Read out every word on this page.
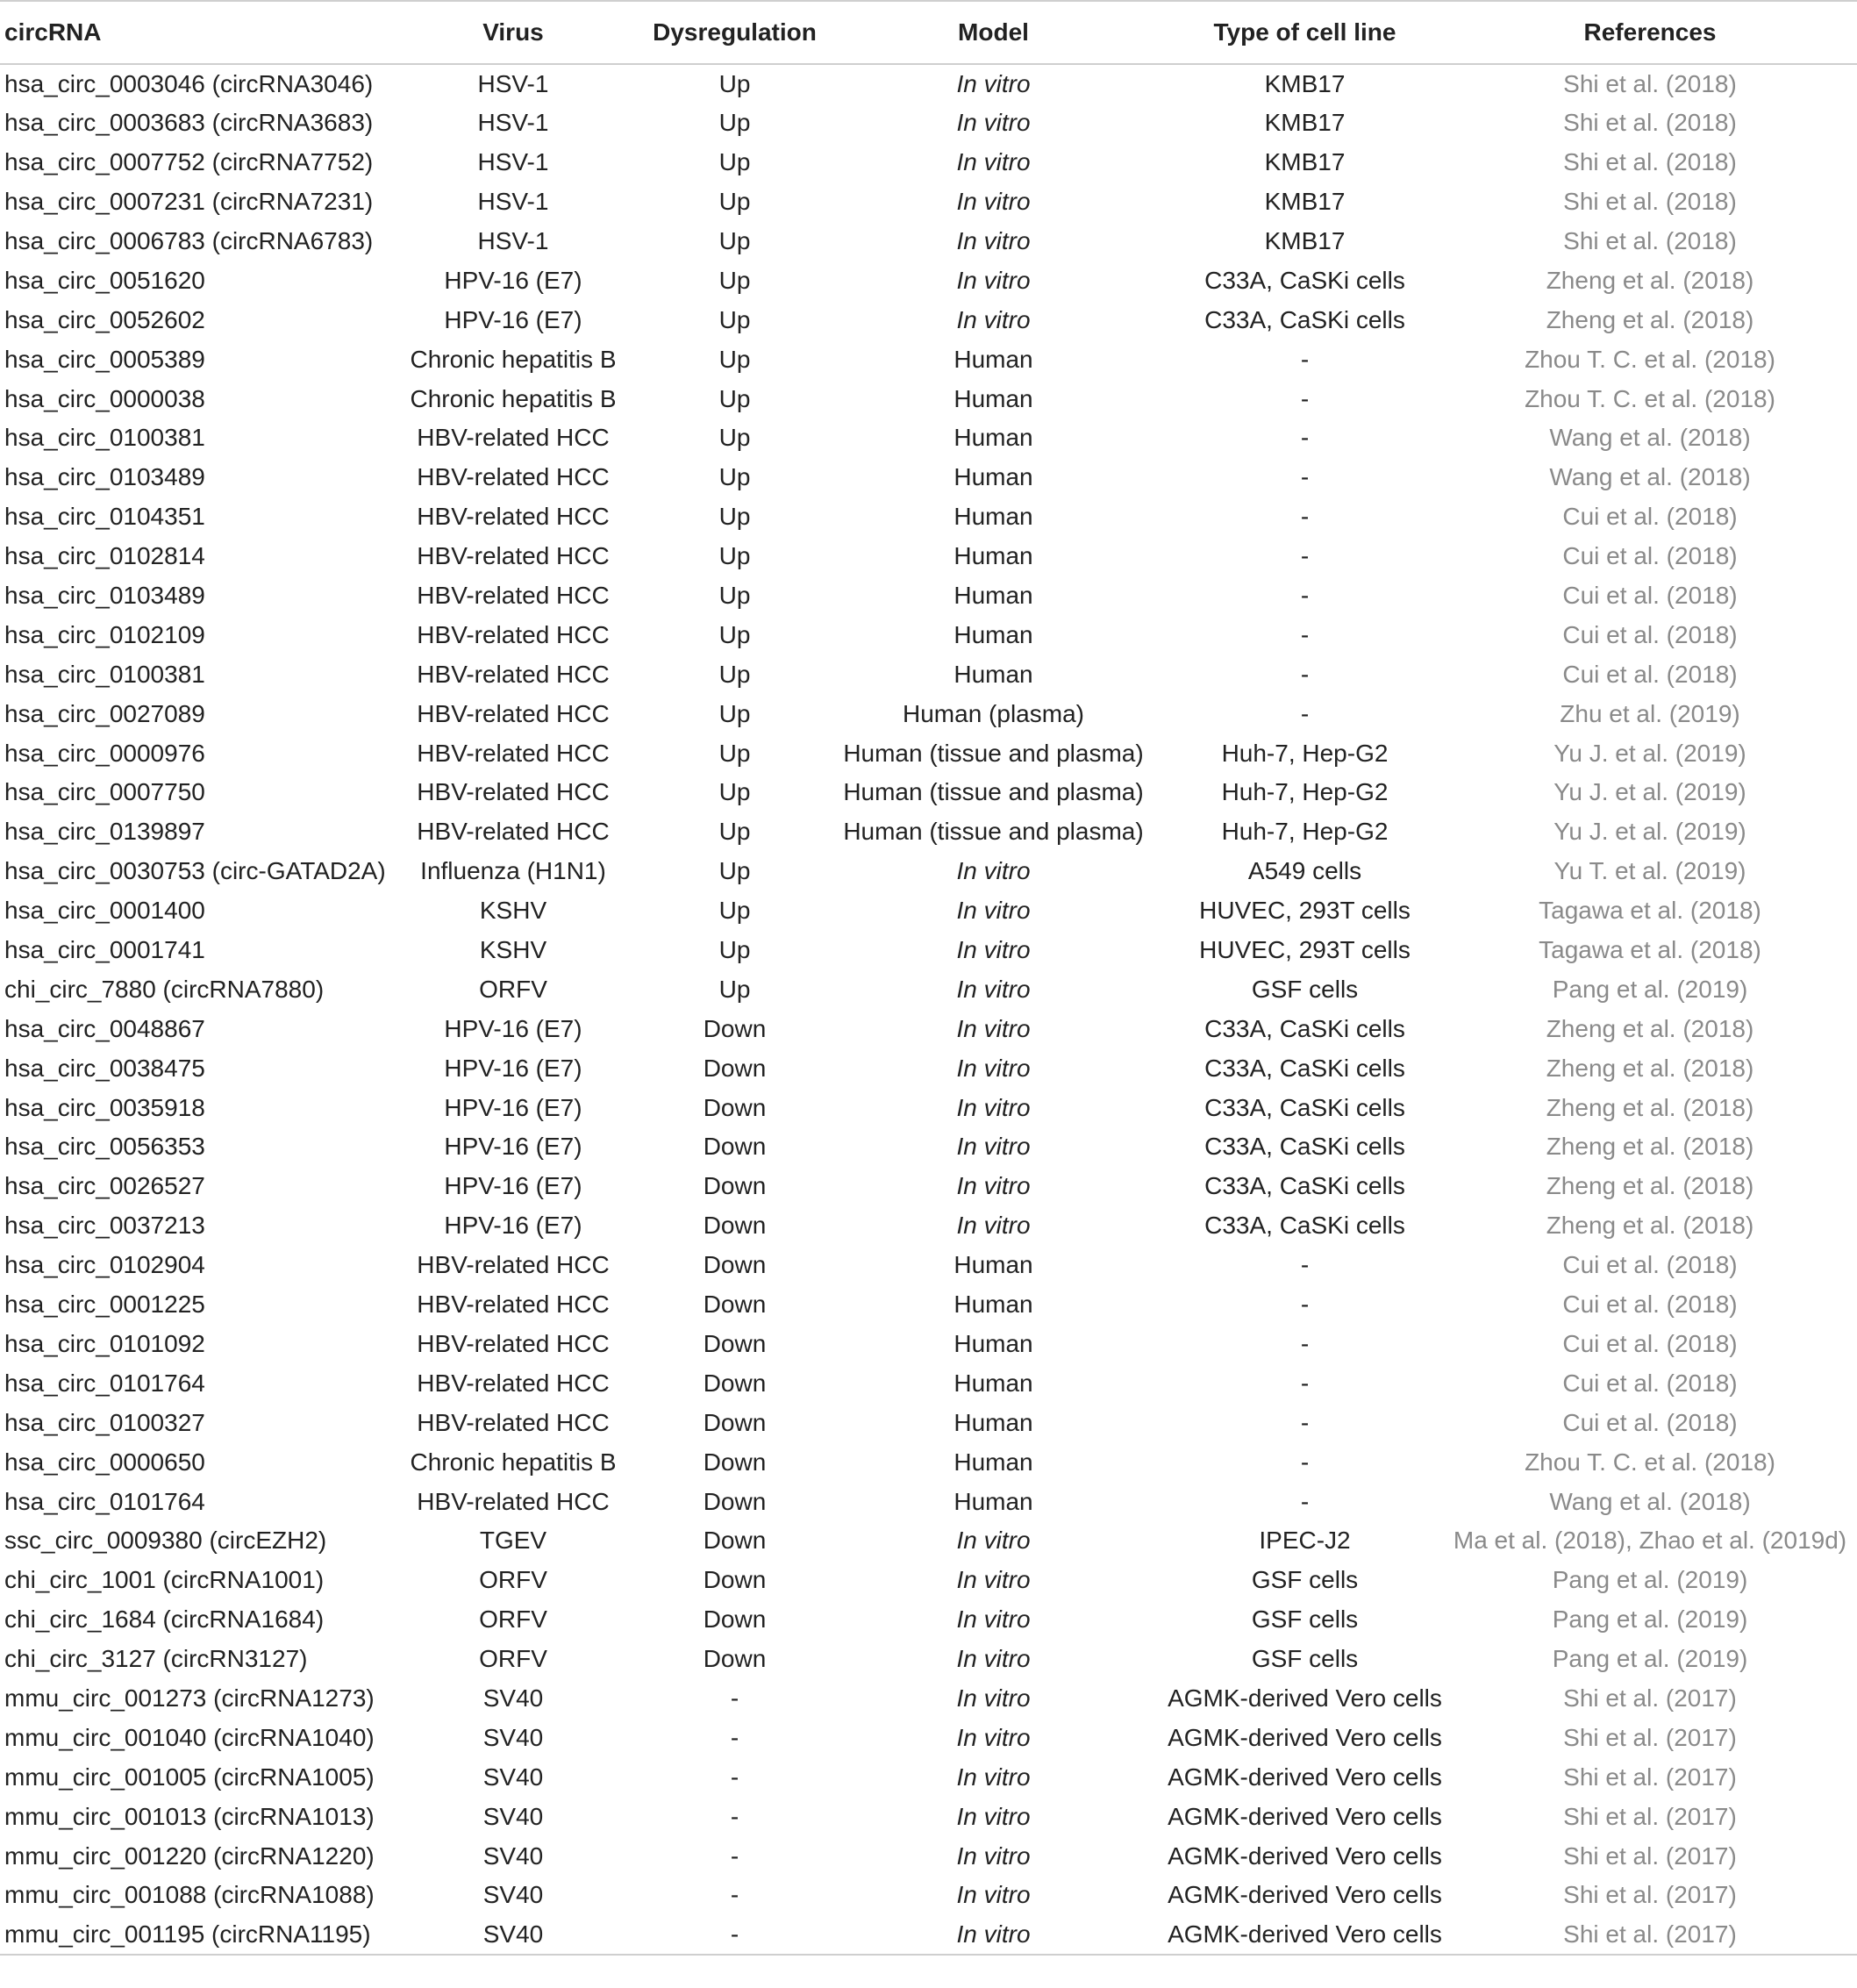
circRNA	Virus	Dysregulation	Model	Type of cell line	References
hsa_circ_0003046 (circRNA3046)	HSV-1	Up	In vitro	KMB17	Shi et al. (2018)
hsa_circ_0003683 (circRNA3683)	HSV-1	Up	In vitro	KMB17	Shi et al. (2018)
hsa_circ_0007752 (circRNA7752)	HSV-1	Up	In vitro	KMB17	Shi et al. (2018)
hsa_circ_0007231 (circRNA7231)	HSV-1	Up	In vitro	KMB17	Shi et al. (2018)
hsa_circ_0006783 (circRNA6783)	HSV-1	Up	In vitro	KMB17	Shi et al. (2018)
hsa_circ_0051620	HPV-16 (E7)	Up	In vitro	C33A, CaSKi cells	Zheng et al. (2018)
hsa_circ_0052602	HPV-16 (E7)	Up	In vitro	C33A, CaSKi cells	Zheng et al. (2018)
hsa_circ_0005389	Chronic hepatitis B	Up	Human	-	Zhou T. C. et al. (2018)
hsa_circ_0000038	Chronic hepatitis B	Up	Human	-	Zhou T. C. et al. (2018)
hsa_circ_0100381	HBV-related HCC	Up	Human	-	Wang et al. (2018)
hsa_circ_0103489	HBV-related HCC	Up	Human	-	Wang et al. (2018)
hsa_circ_0104351	HBV-related HCC	Up	Human	-	Cui et al. (2018)
hsa_circ_0102814	HBV-related HCC	Up	Human	-	Cui et al. (2018)
hsa_circ_0103489	HBV-related HCC	Up	Human	-	Cui et al. (2018)
hsa_circ_0102109	HBV-related HCC	Up	Human	-	Cui et al. (2018)
hsa_circ_0100381	HBV-related HCC	Up	Human	-	Cui et al. (2018)
hsa_circ_0027089	HBV-related HCC	Up	Human (plasma)	-	Zhu et al. (2019)
hsa_circ_0000976	HBV-related HCC	Up	Human (tissue and plasma)	Huh-7, Hep-G2	Yu J. et al. (2019)
hsa_circ_0007750	HBV-related HCC	Up	Human (tissue and plasma)	Huh-7, Hep-G2	Yu J. et al. (2019)
hsa_circ_0139897	HBV-related HCC	Up	Human (tissue and plasma)	Huh-7, Hep-G2	Yu J. et al. (2019)
hsa_circ_0030753 (circ-GATAD2A)	Influenza (H1N1)	Up	In vitro	A549 cells	Yu T. et al. (2019)
hsa_circ_0001400	KSHV	Up	In vitro	HUVEC, 293T cells	Tagawa et al. (2018)
hsa_circ_0001741	KSHV	Up	In vitro	HUVEC, 293T cells	Tagawa et al. (2018)
chi_circ_7880 (circRNA7880)	ORFV	Up	In vitro	GSF cells	Pang et al. (2019)
hsa_circ_0048867	HPV-16 (E7)	Down	In vitro	C33A, CaSKi cells	Zheng et al. (2018)
hsa_circ_0038475	HPV-16 (E7)	Down	In vitro	C33A, CaSKi cells	Zheng et al. (2018)
hsa_circ_0035918	HPV-16 (E7)	Down	In vitro	C33A, CaSKi cells	Zheng et al. (2018)
hsa_circ_0056353	HPV-16 (E7)	Down	In vitro	C33A, CaSKi cells	Zheng et al. (2018)
hsa_circ_0026527	HPV-16 (E7)	Down	In vitro	C33A, CaSKi cells	Zheng et al. (2018)
hsa_circ_0037213	HPV-16 (E7)	Down	In vitro	C33A, CaSKi cells	Zheng et al. (2018)
hsa_circ_0102904	HBV-related HCC	Down	Human	-	Cui et al. (2018)
hsa_circ_0001225	HBV-related HCC	Down	Human	-	Cui et al. (2018)
hsa_circ_0101092	HBV-related HCC	Down	Human	-	Cui et al. (2018)
hsa_circ_0101764	HBV-related HCC	Down	Human	-	Cui et al. (2018)
hsa_circ_0100327	HBV-related HCC	Down	Human	-	Cui et al. (2018)
hsa_circ_0000650	Chronic hepatitis B	Down	Human	-	Zhou T. C. et al. (2018)
hsa_circ_0101764	HBV-related HCC	Down	Human	-	Wang et al. (2018)
ssc_circ_0009380 (circEZH2)	TGEV	Down	In vitro	IPEC-J2	Ma et al. (2018), Zhao et al. (2019d)
chi_circ_1001 (circRNA1001)	ORFV	Down	In vitro	GSF cells	Pang et al. (2019)
chi_circ_1684 (circRNA1684)	ORFV	Down	In vitro	GSF cells	Pang et al. (2019)
chi_circ_3127 (circRN3127)	ORFV	Down	In vitro	GSF cells	Pang et al. (2019)
mmu_circ_001273 (circRNA1273)	SV40	-	In vitro	AGMK-derived Vero cells	Shi et al. (2017)
mmu_circ_001040 (circRNA1040)	SV40	-	In vitro	AGMK-derived Vero cells	Shi et al. (2017)
mmu_circ_001005 (circRNA1005)	SV40	-	In vitro	AGMK-derived Vero cells	Shi et al. (2017)
mmu_circ_001013 (circRNA1013)	SV40	-	In vitro	AGMK-derived Vero cells	Shi et al. (2017)
mmu_circ_001220 (circRNA1220)	SV40	-	In vitro	AGMK-derived Vero cells	Shi et al. (2017)
mmu_circ_001088 (circRNA1088)	SV40	-	In vitro	AGMK-derived Vero cells	Shi et al. (2017)
mmu_circ_001195 (circRNA1195)	SV40	-	In vitro	AGMK-derived Vero cells	Shi et al. (2017)
